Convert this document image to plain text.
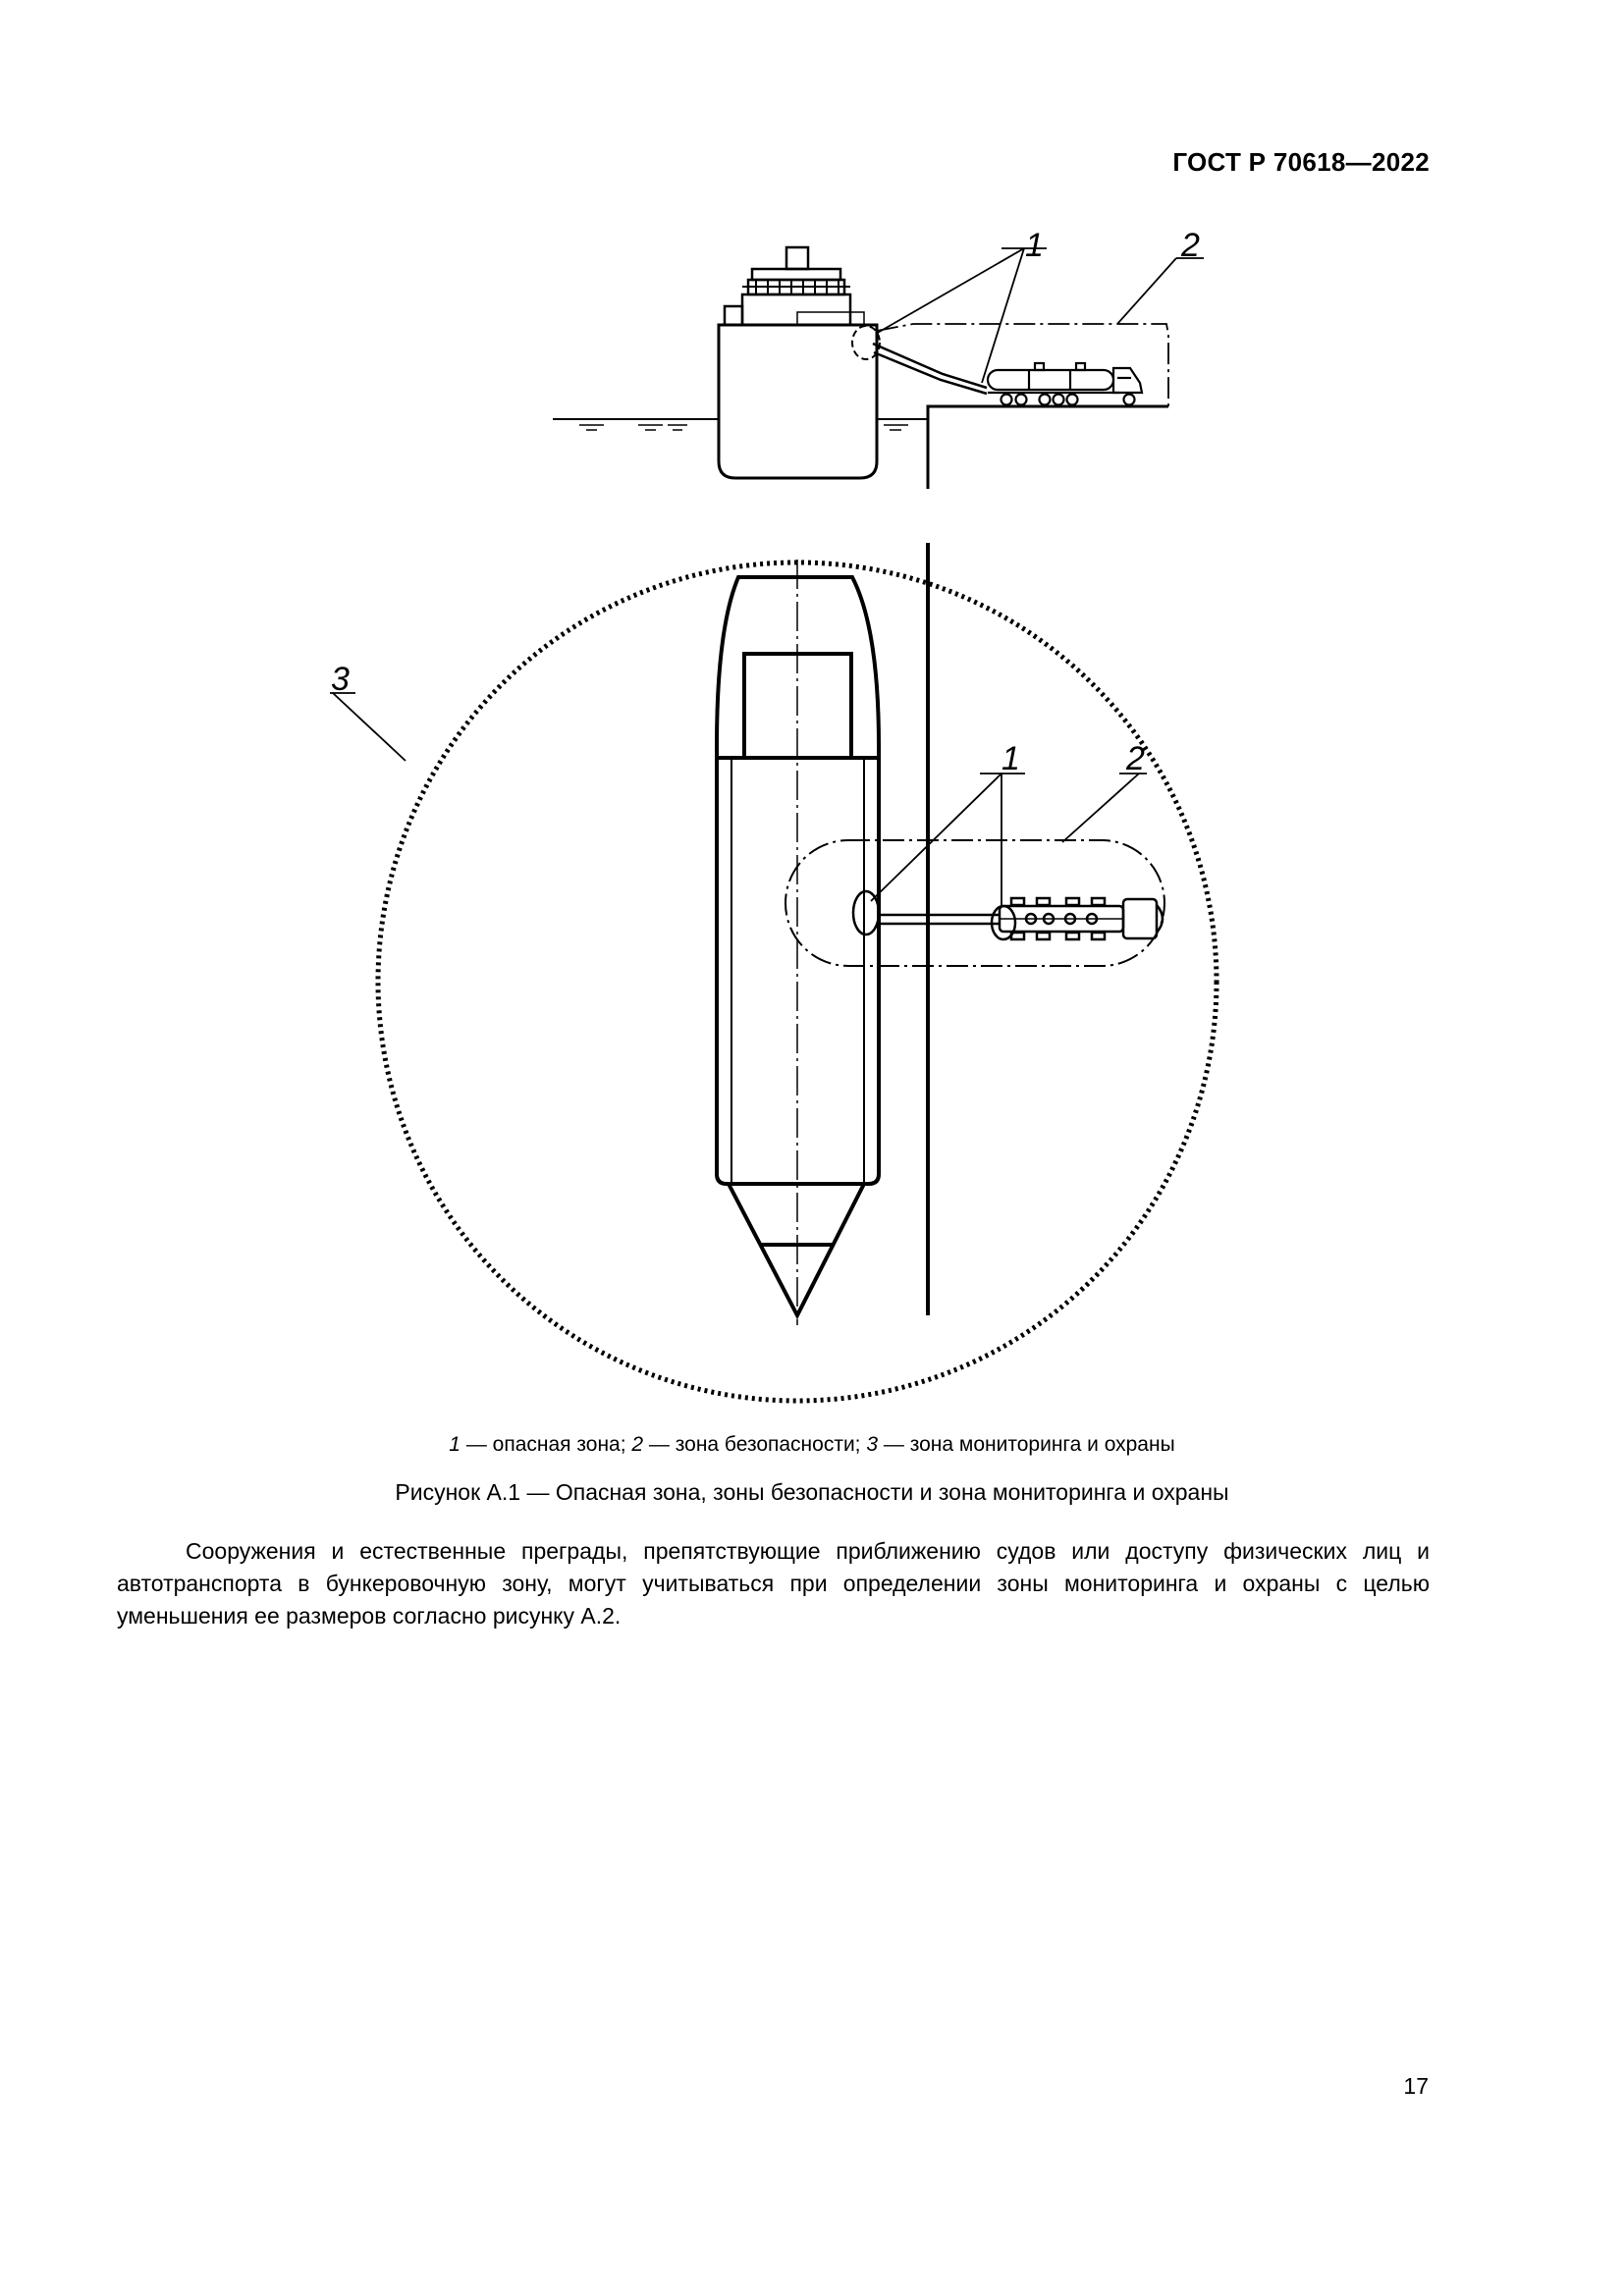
ГОСТ Р 70618—2022
1	2
1	2
3
1 — опасная зона; 2 — зона безопасности; 3 — зона мониторинга и охраны
Рисунок А.1 — Опасная зона, зоны безопасности и зона мониторинга и охраны
Сооружения и естественные преграды, препятствующие приближению судов или доступу физических лиц и автотранспорта в бункеровочную зону, могут учитываться при определении зоны мониторинга и охраны с целью уменьшения ее размеров согласно рисунку А.2.
17
